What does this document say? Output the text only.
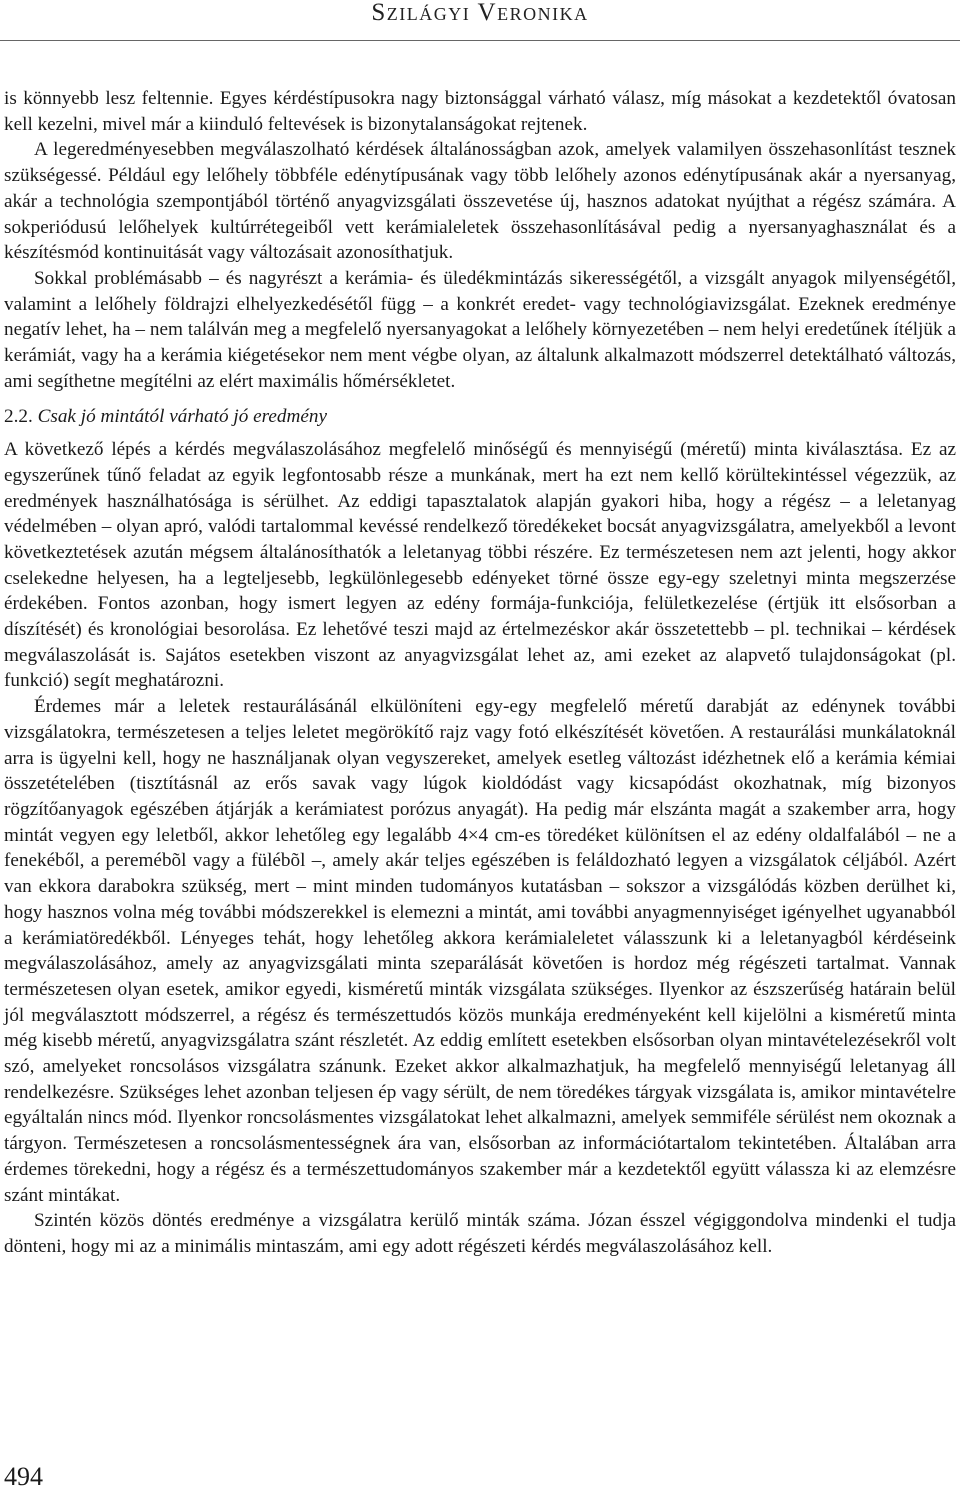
Szilágyi Veronika

is könnyebb lesz feltennie. Egyes kérdéstípusokra nagy biztonsággal várható válasz, míg másokat a kezdetektől óvatosan kell kezelni, mivel már a kiinduló feltevések is bizonytalanságokat rejtenek.

A legeredményesebben megválaszolható kérdések általánosságban azok, amelyek valamilyen összehasonlítást tesznek szükségessé. Például egy lelőhely többféle edénytípusának vagy több lelőhely azonos edénytípusának akár a nyersanyag, akár a technológia szempontjából történő anyagvizsgálati összevetése új, hasznos adatokat nyújthat a régész számára. A sokperiódusú lelőhelyek kultúrrétegeiből vett kerámialeletek összehasonlításával pedig a nyersanyaghasználat és a készítésmód kontinuitását vagy változásait azonosíthatjuk.

Sokkal problémásabb – és nagyrészt a kerámia- és üledékmintázás sikerességétől, a vizsgált anyagok milyenségétől, valamint a lelőhely földrajzi elhelyezkedésétől függ – a konkrét eredet- vagy technológiavizsgálat. Ezeknek eredménye negatív lehet, ha – nem találván meg a megfelelő nyersanyagokat a lelőhely környezetében – nem helyi eredetűnek ítéljük a kerámiát, vagy ha a kerámia kiégetésekor nem ment végbe olyan, az általunk alkalmazott módszerrel detektálható változás, ami segíthetne megítélni az elért maximális hőmérsékletet.

2.2. Csak jó mintától várható jó eredmény

A következő lépés a kérdés megválaszolásához megfelelő minőségű és mennyiségű (méretű) minta kiválasztása. Ez az egyszerűnek tűnő feladat az egyik legfontosabb része a munkának, mert ha ezt nem kellő körültekintéssel végezzük, az eredmények használhatósága is sérülhet. Az eddigi tapasztalatok alapján gyakori hiba, hogy a régész – a leletanyag védelmében – olyan apró, valódi tartalommal kevéssé rendelkező töredékeket bocsát anyagvizsgálatra, amelyekből a levont következtetések azután mégsem általánosíthatók a leletanyag többi részére. Ez természetesen nem azt jelenti, hogy akkor cselekedne helyesen, ha a legteljesebb, legkülönlegesebb edényeket törné össze egy-egy szeletnyi minta megszerzése érdekében. Fontos azonban, hogy ismert legyen az edény formája-funkciója, felületkezelése (értjük itt elsősorban a díszítését) és kronológiai besorolása. Ez lehetővé teszi majd az értelmezéskor akár összetettebb – pl. technikai – kérdések megválaszolását is. Sajátos esetekben viszont az anyagvizsgálat lehet az, ami ezeket az alapvető tulajdonságokat (pl. funkció) segít meghatározni.

Érdemes már a leletek restaurálásánál elkülöníteni egy-egy megfelelő méretű darabját az edénynek további vizsgálatokra, természetesen a teljes leletet megörökítő rajz vagy fotó elkészítését követően. A restaurálási munkálatoknál arra is ügyelni kell, hogy ne használjanak olyan vegyszereket, amelyek esetleg változást idézhetnek elő a kerámia kémiai összetételében (tisztításnál az erős savak vagy lúgok kioldódást vagy kicsapódást okozhatnak, míg bizonyos rögzítőanyagok egészében átjárják a kerámiatest porózus anyagát). Ha pedig már elszánta magát a szakember arra, hogy mintát vegyen egy leletből, akkor lehetőleg egy legalább 4×4 cm-es töredéket különítsen el az edény oldalfalából – ne a fenekéből, a peremébõl vagy a fülébõl –, amely akár teljes egészében is feláldozható legyen a vizsgálatok céljából. Azért van ekkora darabokra szükség, mert – mint minden tudományos kutatásban – sokszor a vizsgálódás közben derülhet ki, hogy hasznos volna még további módszerekkel is elemezni a mintát, ami további anyagmennyiséget igényelhet ugyanabból a kerámiatöredékből. Lényeges tehát, hogy lehetőleg akkora kerámialeletet válasszunk ki a leletanyagból kérdéseink megválaszolásához, amely az anyagvizsgálati minta szeparálását követően is hordoz még régészeti tartalmat. Vannak természetesen olyan esetek, amikor egyedi, kisméretű minták vizsgálata szükséges. Ilyenkor az észszerűség határain belül jól megválasztott módszerrel, a régész és természettudós közös munkája eredményeként kell kijelölni a kisméretű minta még kisebb méretű, anyagvizsgálatra szánt részletét. Az eddig említett esetekben elsősorban olyan mintavételezésekről volt szó, amelyeket roncsolásos vizsgálatra szánunk. Ezeket akkor alkalmazhatjuk, ha megfelelő mennyiségű leletanyag áll rendelkezésre. Szükséges lehet azonban teljesen ép vagy sérült, de nem töredékes tárgyak vizsgálata is, amikor mintavételre egyáltalán nincs mód. Ilyenkor roncsolásmentes vizsgálatokat lehet alkalmazni, amelyek semmiféle sérülést nem okoznak a tárgyon. Természetesen a roncsolásmentességnek ára van, elsősorban az információtartalom tekintetében. Általában arra érdemes törekedni, hogy a régész és a természettudományos szakember már a kezdetektől együtt válassza ki az elemzésre szánt mintákat.

Szintén közös döntés eredménye a vizsgálatra kerülő minták száma. Józan ésszel végiggondolva mindenki el tudja dönteni, hogy mi az a minimális mintaszám, ami egy adott régészeti kérdés megválaszolásához kell.

494
